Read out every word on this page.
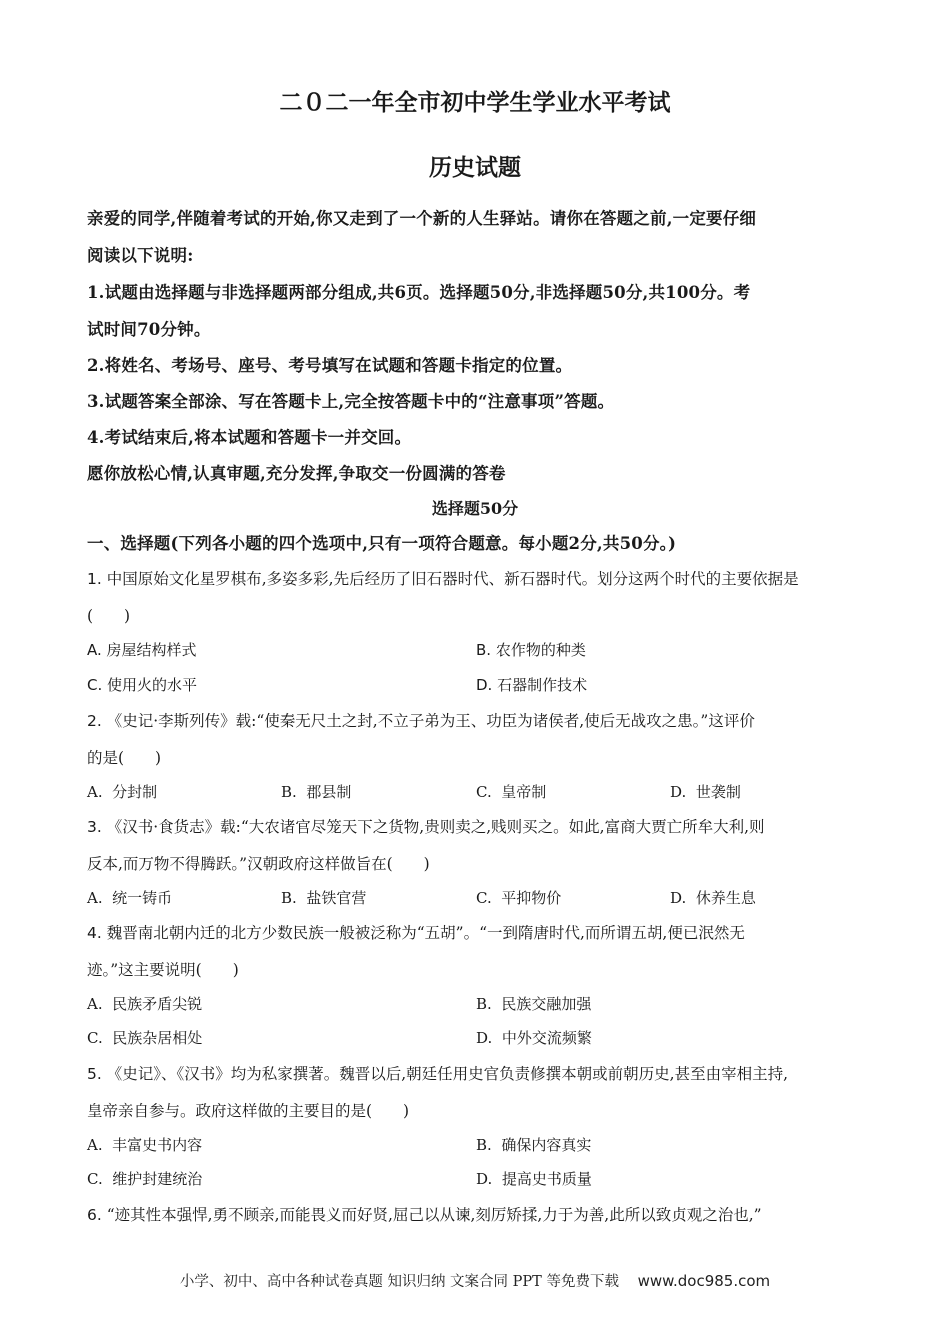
二０二一年全市初中学生学业水平考试
历史试题
亲爱的同学,伴随着考试的开始,你又走到了一个新的人生驿站。请你在答题之前,一定要仔细
阅读以下说明:
1.试题由选择题与非选择题两部分组成,共6页。选择题50分,非选择题50分,共100分。考
试时间70分钟。
2.将姓名、考场号、座号、考号填写在试题和答题卡指定的位置。
3.试题答案全部涂、写在答题卡上,完全按答题卡中的“注意事项”答题。
4.考试结束后,将本试题和答题卡一并交回。
愿你放松心情,认真审题,充分发挥,争取交一份圆满的答卷
选择题50分
一、选择题(下列各小题的四个选项中,只有一项符合题意。每小题2分,共50分。)
1. 中国原始文化星罗棋布,多姿多彩,先后经历了旧石器时代、新石器时代。划分这两个时代的主要依据是
(　　)
A. 房屋结构样式	B. 农作物的种类
C. 使用火的水平	D. 石器制作技术
2. 《史记·李斯列传》载:“使秦无尺土之封,不立子弟为王、功臣为诸侯者,使后无战攻之患。”这评价
的是(　　)
A. 分封制	B. 郡县制	C. 皇帝制	D. 世袭制
3. 《汉书·食货志》载:“大农诸官尽笼天下之货物,贵则卖之,贱则买之。如此,富商大贾亡所牟大利,则
反本,而万物不得腾跃。”汉朝政府这样做旨在(　　)
A. 统一铸币	B. 盐铁官营	C. 平抑物价	D. 休养生息
4. 魏晋南北朝内迁的北方少数民族一般被泛称为“五胡”。“一到隋唐时代,而所谓五胡,便已泯然无
迹。”这主要说明(　　)
A. 民族矛盾尖锐	B. 民族交融加强
C. 民族杂居相处	D. 中外交流频繁
5. 《史记》、《汉书》均为私家撰著。魏晋以后,朝廷任用史官负责修撰本朝或前朝历史,甚至由宰相主持,
皇帝亲自参与。政府这样做的主要目的是(　　)
A. 丰富史书内容	B. 确保内容真实
C. 维护封建统治	D. 提高史书质量
6. “迹其性本强悍,勇不顾亲,而能畏义而好贤,屈己以从谏,刻厉矫揉,力于为善,此所以致贞观之治也,”
小学、初中、高中各种试卷真题 知识归纳 文案合同 PPT 等免费下载 www.doc985.com
